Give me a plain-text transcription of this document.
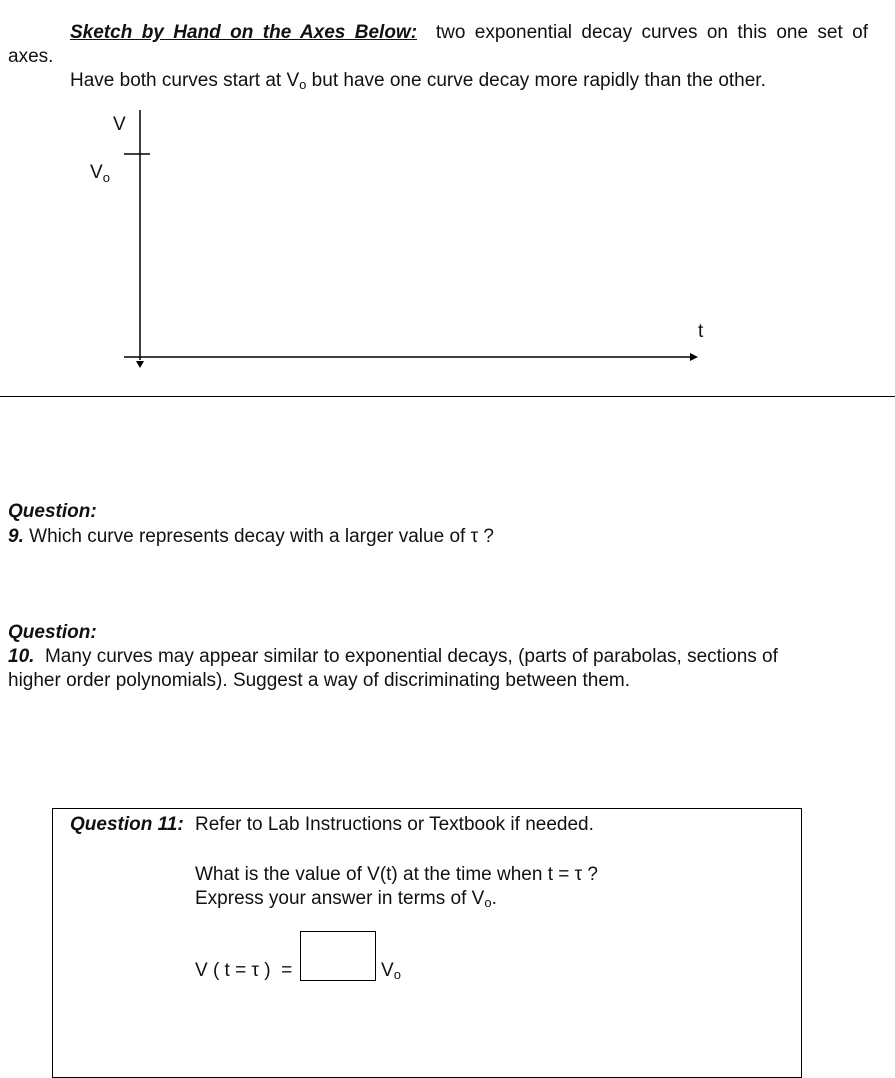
Sketch by Hand on the Axes Below: two exponential decay curves on this one set of
axes.
Have both curves start at $V_o$ but have one curve decay more rapidly than the other.
V
$V_o$
t
Question:
9. Which curve represents decay with a larger value of τ ?
Question:
10. Many curves may appear similar to exponential decays, (parts of parabolas, sections of
higher order polynomials). Suggest a way of discriminating between them.
Question 11: Refer to Lab Instructions or Textbook if needed.
What is the value of V(t) at the time when t = τ ?
Express your answer in terms of $V_o$.
V ( t = τ )  =	$V_o$
